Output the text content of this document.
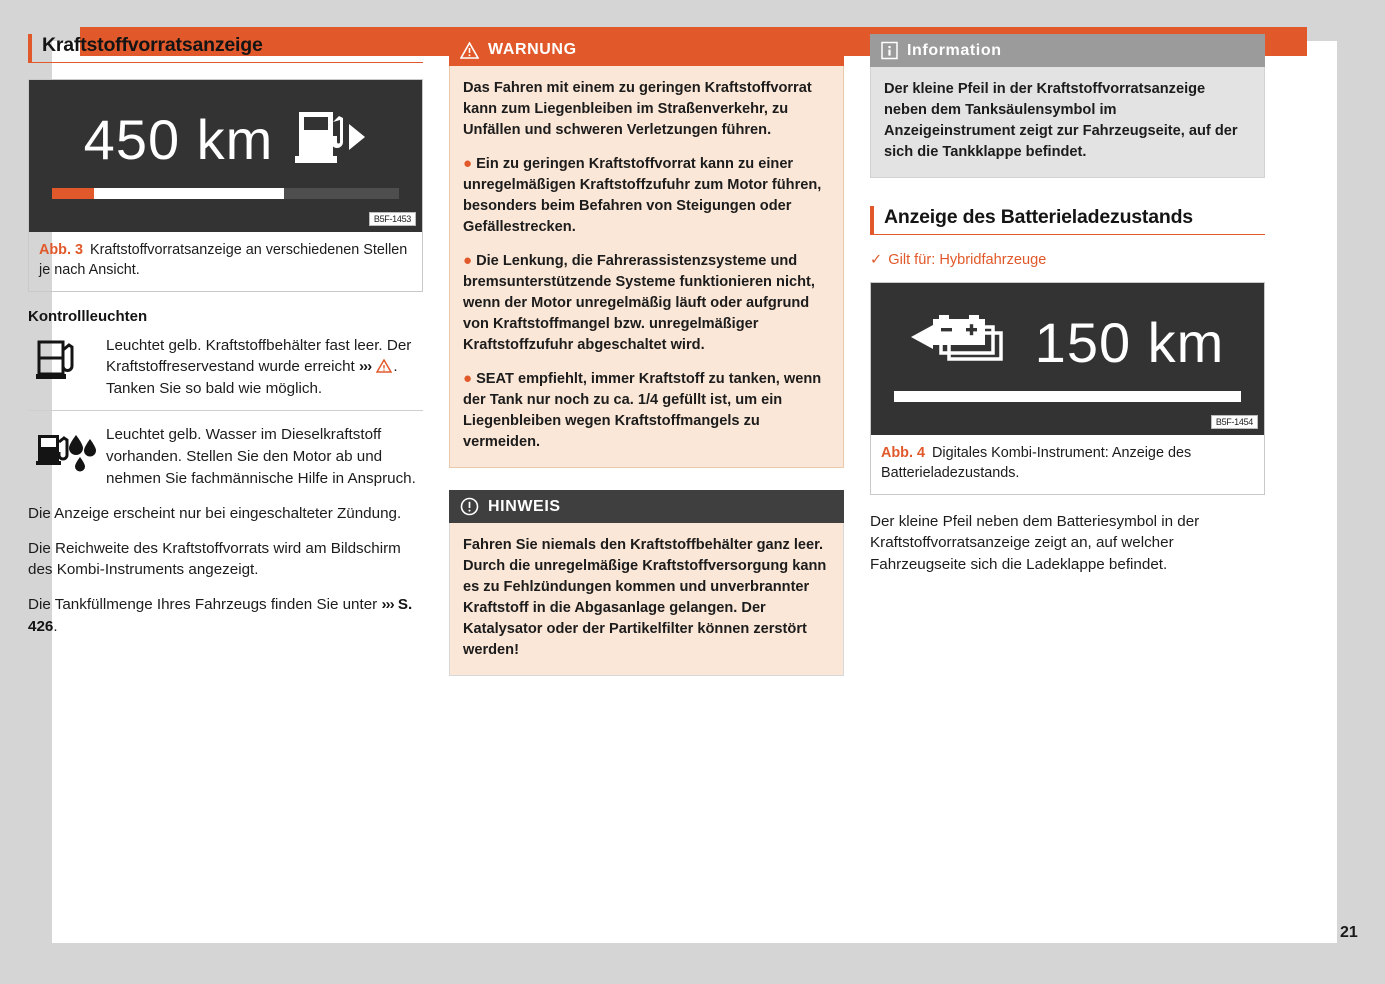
21
Kraftstoffvorratsanzeige
450 km
B5F-1453
Abb. 3 Kraftstoffvorratsanzeige an verschiedenen Stellen je nach Ansicht.
Kontrollleuchten

Leuchtet gelb. Kraftstoffbehälter fast leer. Der Kraftstoffreservestand wurde erreicht ››› . Tanken Sie so bald wie möglich.

Leuchtet gelb. Wasser im Dieselkraftstoff vorhanden. Stellen Sie den Motor ab und nehmen Sie fachmännische Hilfe in Anspruch.

Die Anzeige erscheint nur bei eingeschalteter Zündung.

Die Reichweite des Kraftstoffvorrats wird am Bildschirm des Kombi-Instruments angezeigt.

Die Tankfüllmenge Ihres Fahrzeugs finden Sie unter ››› S. 426.

WARNUNG

Das Fahren mit einem zu geringen Kraftstoffvorrat kann zum Liegenbleiben im Straßenverkehr, zu Unfällen und schweren Verletzungen führen.

● Ein zu geringen Kraftstoffvorrat kann zu einer unregelmäßigen Kraftstoffzufuhr zum Motor führen, besonders beim Befahren von Steigungen oder Gefällestrecken.

● Die Lenkung, die Fahrerassistenzsysteme und bremsunterstützende Systeme funktionieren nicht, wenn der Motor unregelmäßig läuft oder aufgrund von Kraftstoffmangel bzw. unregelmäßiger Kraftstoffzufuhr abgeschaltet wird.

● SEAT empfiehlt, immer Kraftstoff zu tanken, wenn der Tank nur noch zu ca. 1/4 gefüllt ist, um ein Liegenbleiben wegen Kraftstoffmangels zu vermeiden.

HINWEIS

Fahren Sie niemals den Kraftstoffbehälter ganz leer. Durch die unregelmäßige Kraftstoffversorgung kann es zu Fehlzündungen kommen und unverbrannter Kraftstoff in die Abgasanlage gelangen. Der Katalysator oder der Partikelfilter können zerstört werden!

Information

Der kleine Pfeil in der Kraftstoffvorratsanzeige neben dem Tanksäulensymbol im Anzeigeinstrument zeigt zur Fahrzeugseite, auf der sich die Tankklappe befindet.

Anzeige des Batterieladezustands

✓ Gilt für: Hybridfahrzeuge

150 km
B5F-1454
Abb. 4 Digitales Kombi-Instrument: Anzeige des Batterieladezustands.

Der kleine Pfeil neben dem Batteriesymbol in der Kraftstoffvorratsanzeige zeigt an, auf welcher Fahrzeugseite sich die Ladeklappe befindet.
